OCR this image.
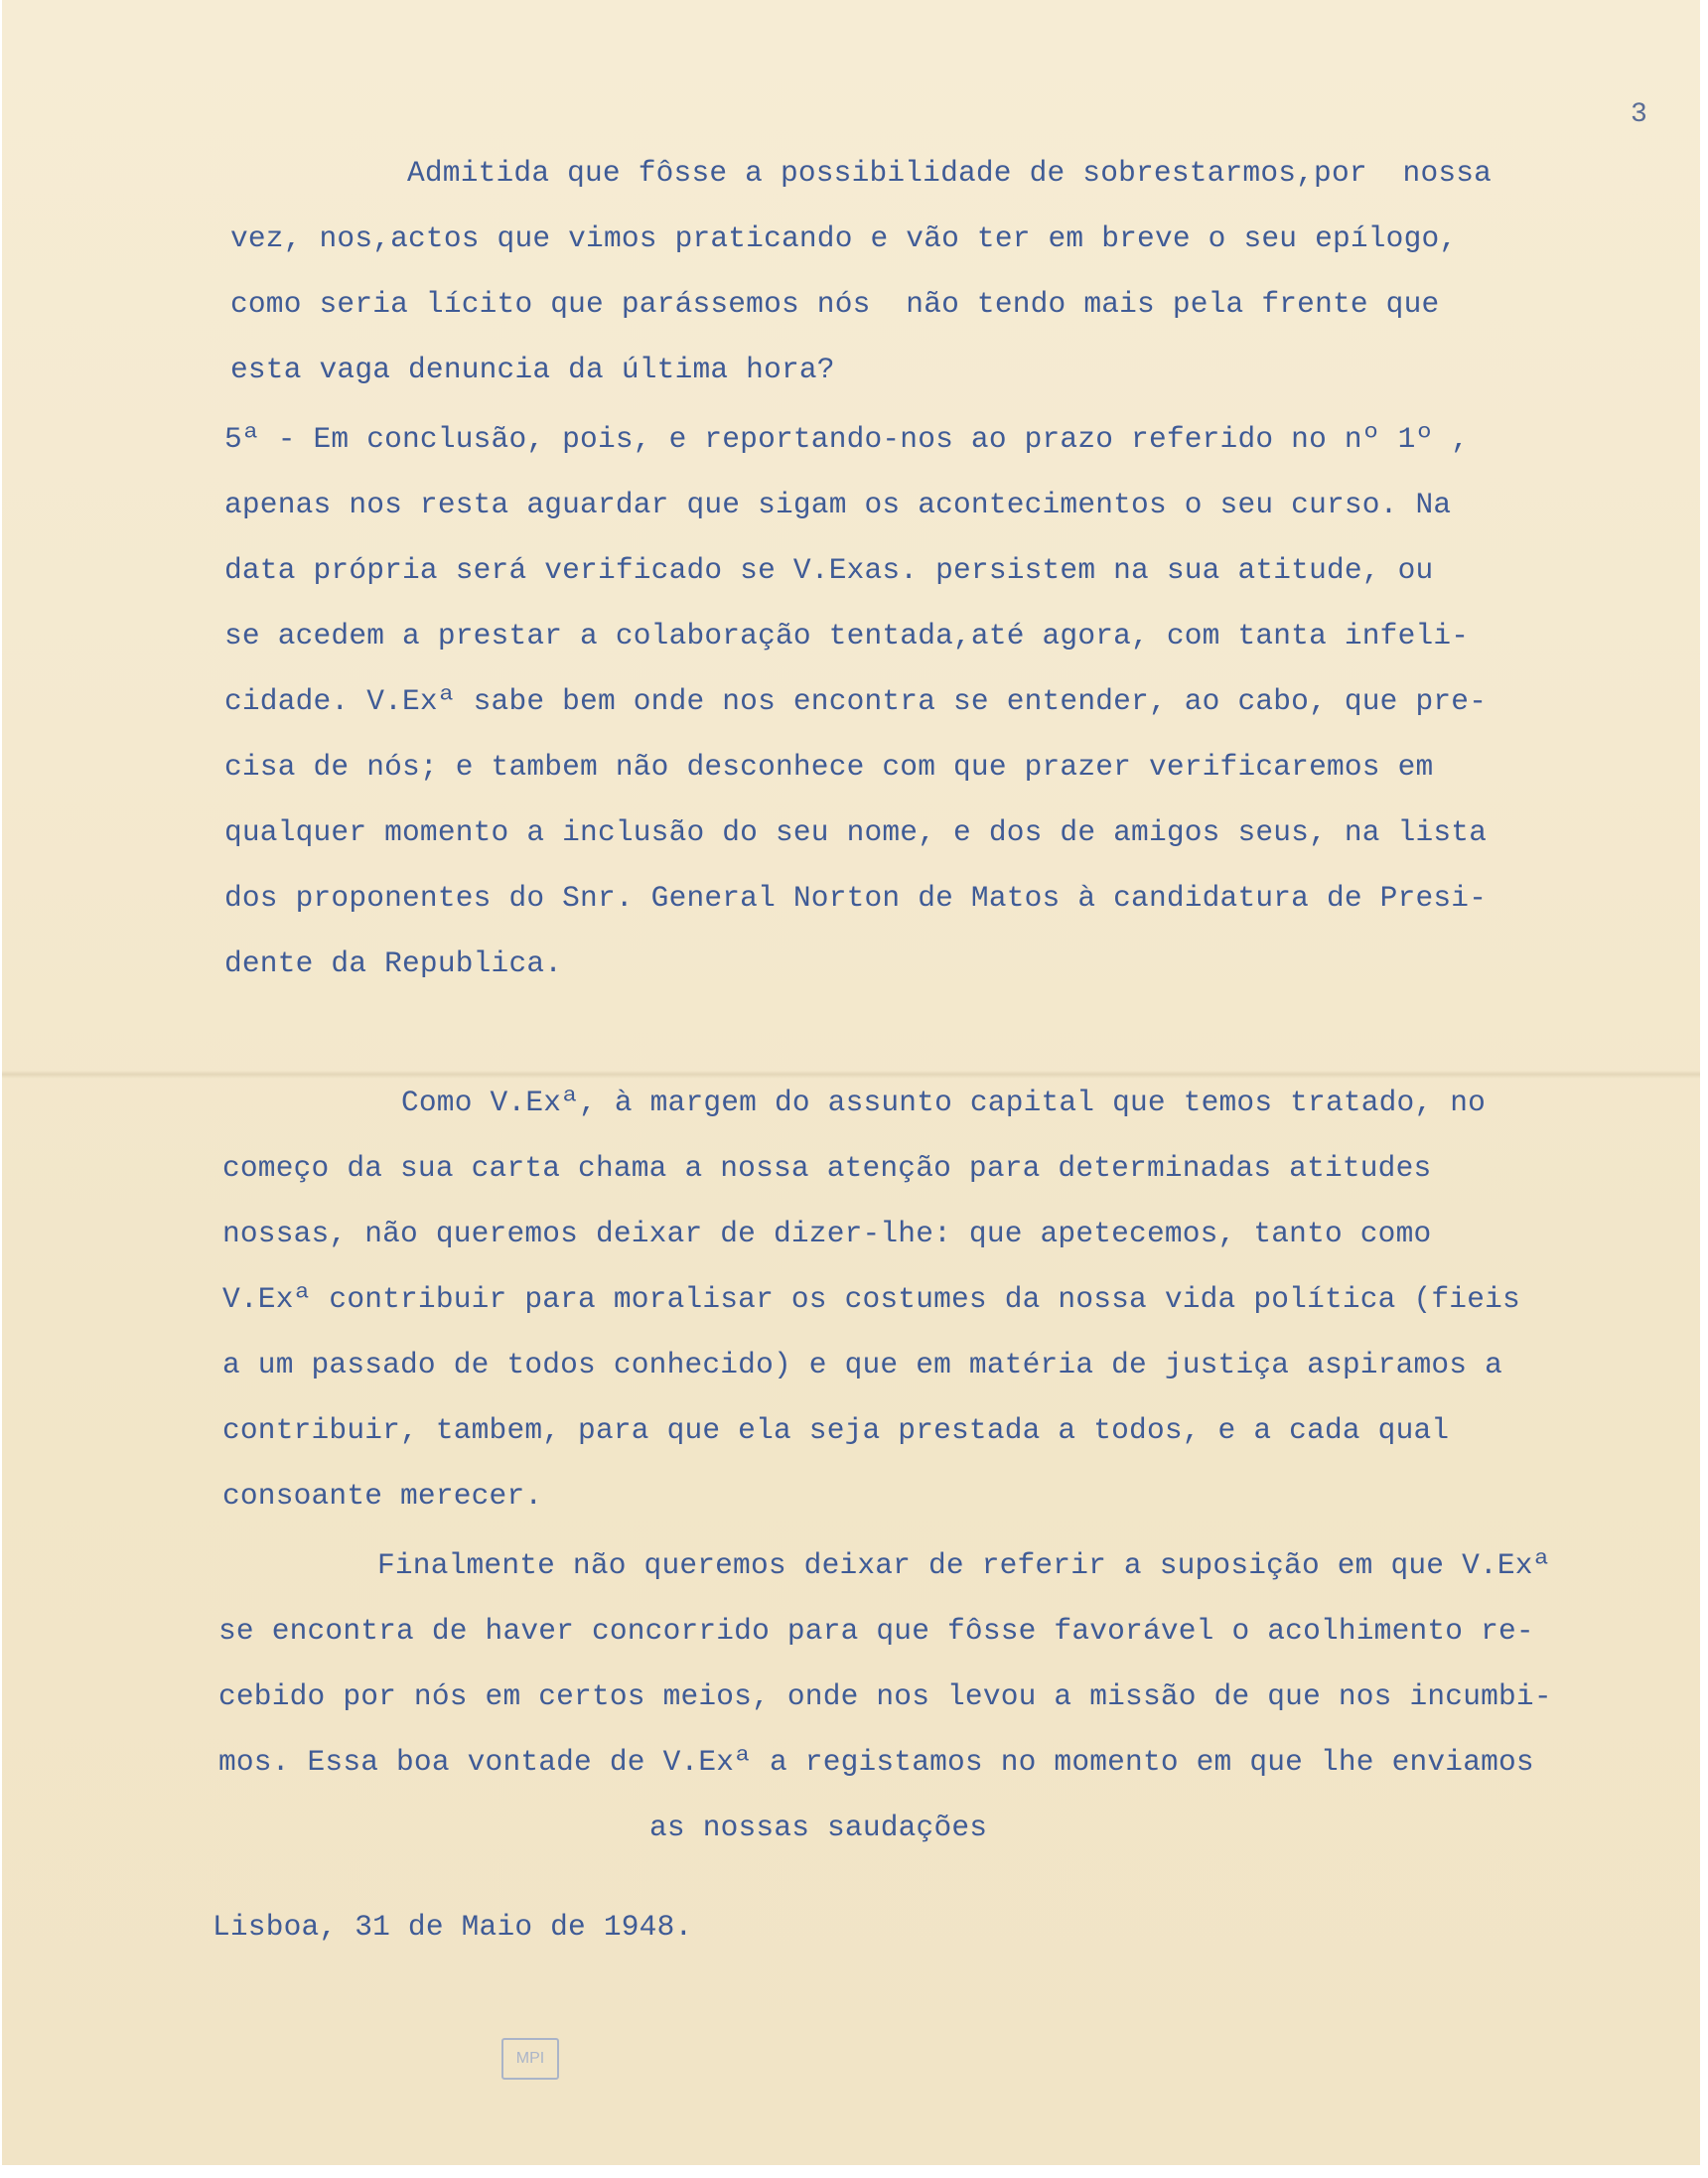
3
Admitida que fôsse a possibilidade de sobrestarmos,por  nossa
vez, nos,actos que vimos praticando e vão ter em breve o seu epílogo,
como seria lícito que parássemos nós  não tendo mais pela frente que
esta vaga denuncia da última hora?
5ª - Em conclusão, pois, e reportando-nos ao prazo referido no nº 1º ,
apenas nos resta aguardar que sigam os acontecimentos o seu curso. Na
data própria será verificado se V.Exas. persistem na sua atitude, ou
se acedem a prestar a colaboração tentada,até agora, com tanta infeli-
cidade. V.Exª sabe bem onde nos encontra se entender, ao cabo, que pre-
cisa de nós; e tambem não desconhece com que prazer verificaremos em
qualquer momento a inclusão do seu nome, e dos de amigos seus, na lista
dos proponentes do Snr. General Norton de Matos à candidatura de Presi-
dente da Republica.
Como V.Exª, à margem do assunto capital que temos tratado, no
começo da sua carta chama a nossa atenção para determinadas atitudes
nossas, não queremos deixar de dizer-lhe: que apetecemos, tanto como
V.Exª contribuir para moralisar os costumes da nossa vida política (fieis
a um passado de todos conhecido) e que em matéria de justiça aspiramos a
contribuir, tambem, para que ela seja prestada a todos, e a cada qual
consoante merecer.
Finalmente não queremos deixar de referir a suposição em que V.Exª
se encontra de haver concorrido para que fôsse favorável o acolhimento re-
cebido por nós em certos meios, onde nos levou a missão de que nos incumbi-
mos. Essa boa vontade de V.Exª a registamos no momento em que lhe enviamos
as nossas saudações
Lisboa, 31 de Maio de 1948.
MPI
